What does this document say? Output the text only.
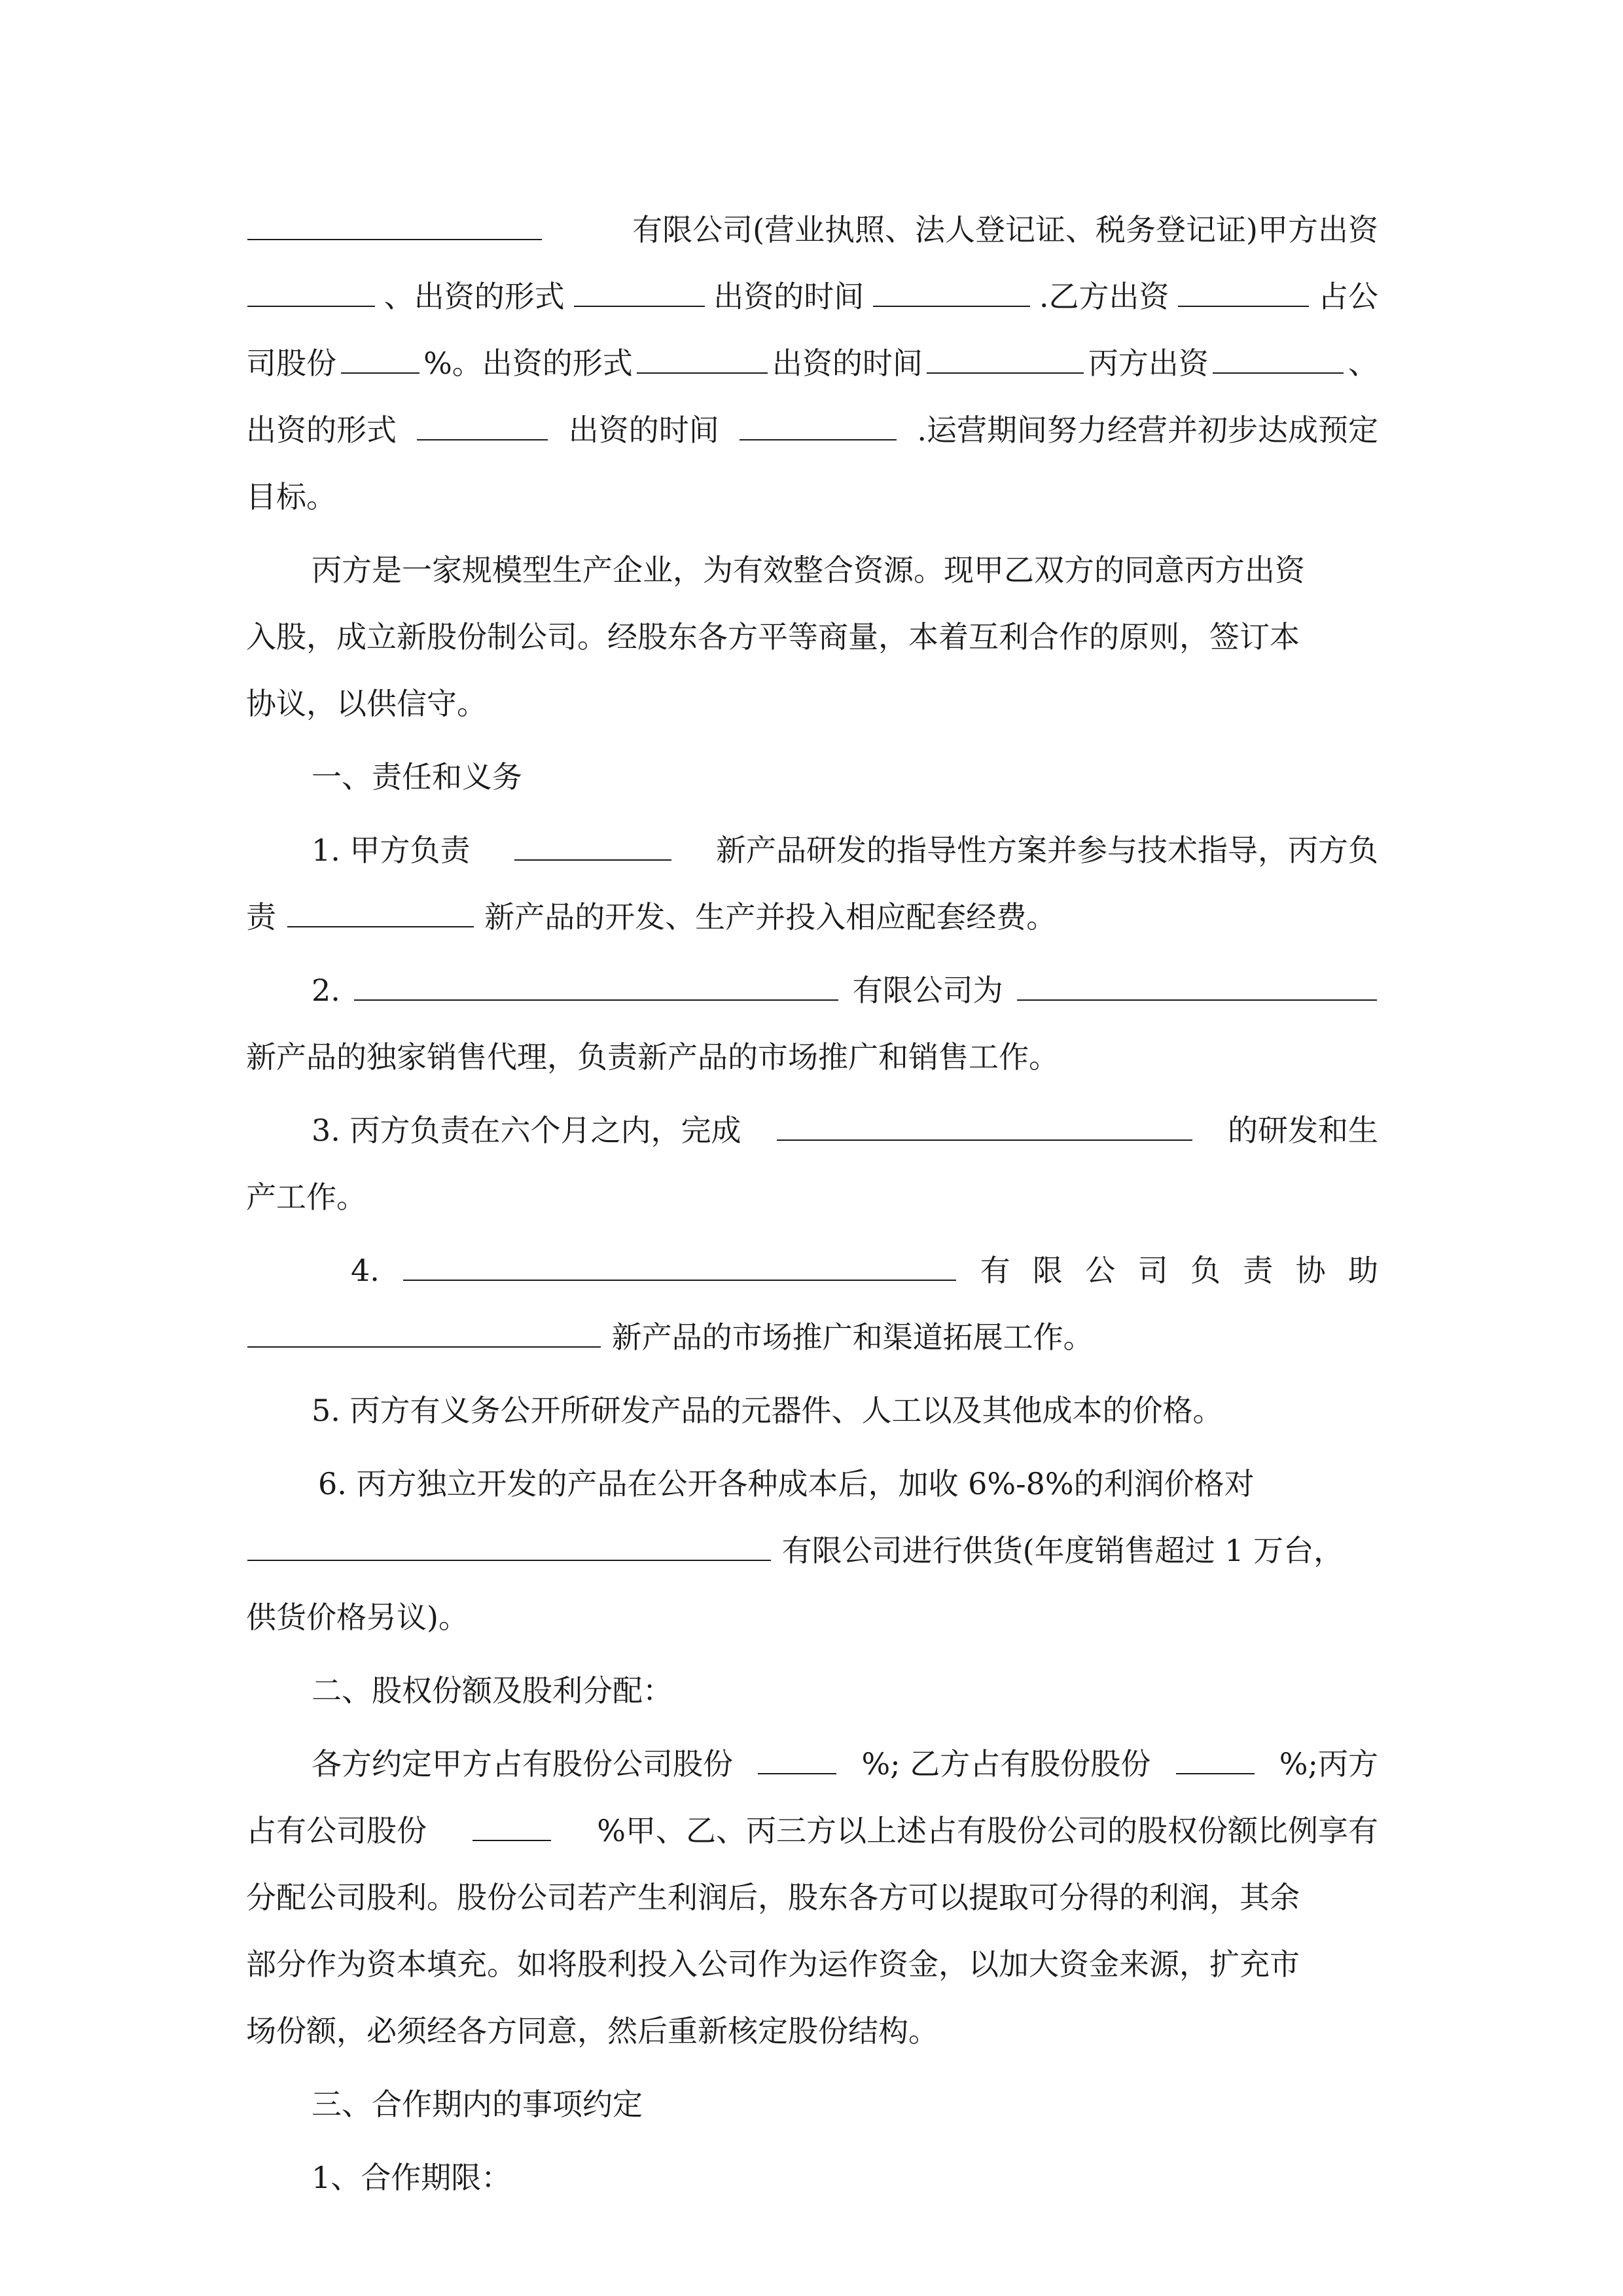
有限公司(营业执照、法人登记证、税务登记证)甲方出资
、出资的形式	出资的时间	.乙方出资	占公
司股份	%。出资的形式	出资的时间	丙方出资	、
出资的形式	出资的时间	.运营期间努力经营并初步达成预定
目标。
丙方是一家规模型生产企业，为有效整合资源。现甲乙双方的同意丙方出资
入股，成立新股份制公司。经股东各方平等商量，本着互利合作的原则，签订本
协议，以供信守。
一、责任和义务
1. 甲方负责	新产品研发的指导性方案并参与技术指导，丙方负
责	新产品的开发、生产并投入相应配套经费。
2.	有限公司为
新产品的独家销售代理，负责新产品的市场推广和销售工作。
3. 丙方负责在六个月之内，完成	的研发和生
产工作。
4.	有 限 公 司 负 责 协 助
新产品的市场推广和渠道拓展工作。
5. 丙方有义务公开所研发产品的元器件、人工以及其他成本的价格。
6. 丙方独立开发的产品在公开各种成本后，加收 6%-8%的利润价格对
有限公司进行供货(年度销售超过 1 万台，
供货价格另议)。
二、股权份额及股利分配：
各方约定甲方占有股份公司股份	%; 乙方占有股份股份	%;丙方
占有公司股份	%甲、乙、丙三方以上述占有股份公司的股权份额比例享有
分配公司股利。股份公司若产生利润后，股东各方可以提取可分得的利润，其余
部分作为资本填充。如将股利投入公司作为运作资金，以加大资金来源，扩充市
场份额，必须经各方同意，然后重新核定股份结构。
三、合作期内的事项约定
1、合作期限：
